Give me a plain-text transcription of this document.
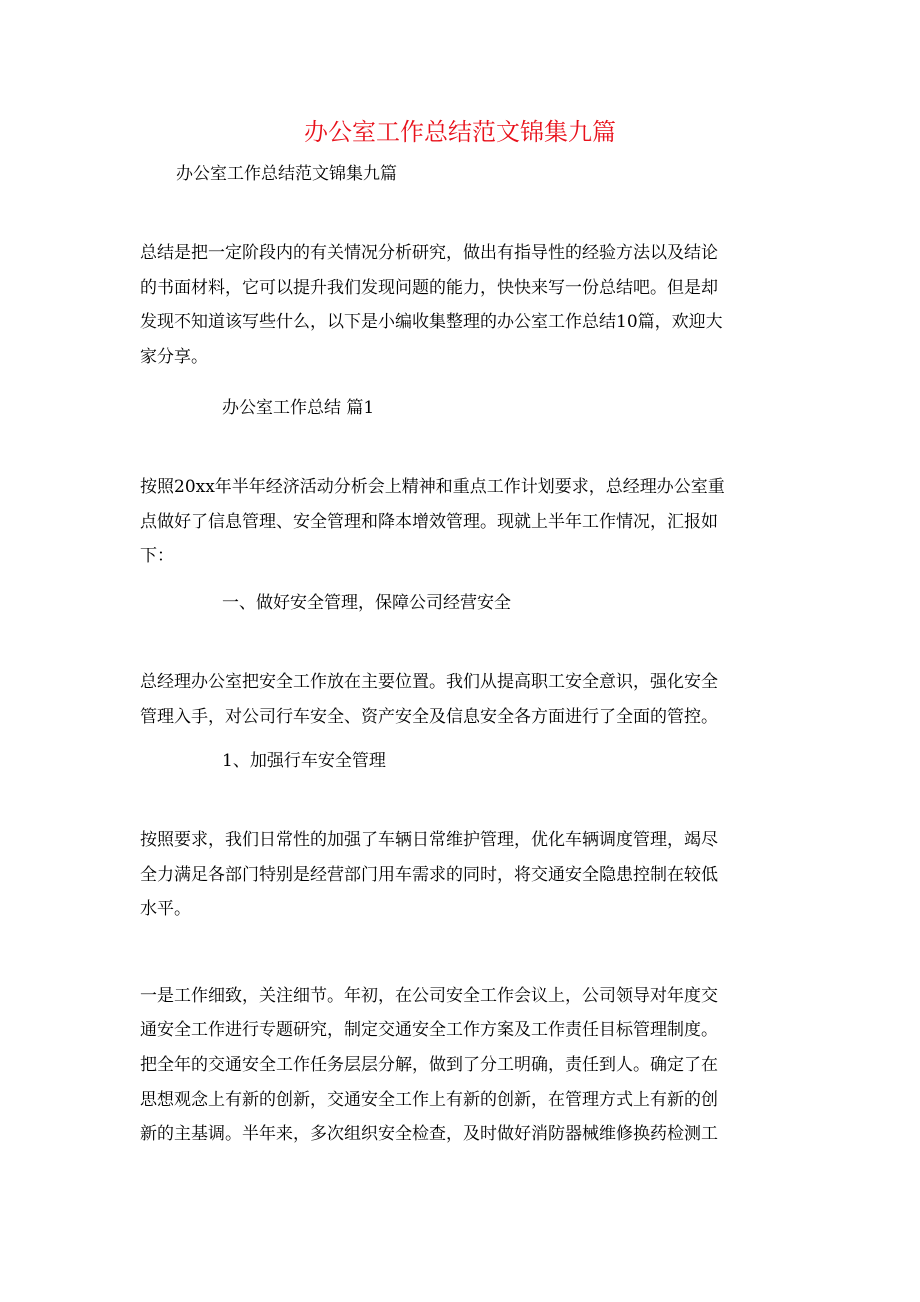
办公室工作总结范文锦集九篇
办公室工作总结范文锦集九篇
总结是把一定阶段内的有关情况分析研究，做出有指导性的经验方法以及结论
的书面材料，它可以提升我们发现问题的能力，快快来写一份总结吧。但是却
发现不知道该写些什么，以下是小编收集整理的办公室工作总结10篇，欢迎大
家分享。
办公室工作总结 篇1
按照20xx年半年经济活动分析会上精神和重点工作计划要求，总经理办公室重
点做好了信息管理、安全管理和降本增效管理。现就上半年工作情况，汇报如
下：
一、做好安全管理，保障公司经营安全
总经理办公室把安全工作放在主要位置。我们从提高职工安全意识，强化安全
管理入手，对公司行车安全、资产安全及信息安全各方面进行了全面的管控。
1、加强行车安全管理
按照要求，我们日常性的加强了车辆日常维护管理，优化车辆调度管理，竭尽
全力满足各部门特别是经营部门用车需求的同时，将交通安全隐患控制在较低
水平。
一是工作细致，关注细节。年初，在公司安全工作会议上，公司领导对年度交
通安全工作进行专题研究，制定交通安全工作方案及工作责任目标管理制度。
把全年的交通安全工作任务层层分解，做到了分工明确，责任到人。确定了在
思想观念上有新的创新，交通安全工作上有新的创新，在管理方式上有新的创
新的主基调。半年来，多次组织安全检查，及时做好消防器械维修换药检测工
